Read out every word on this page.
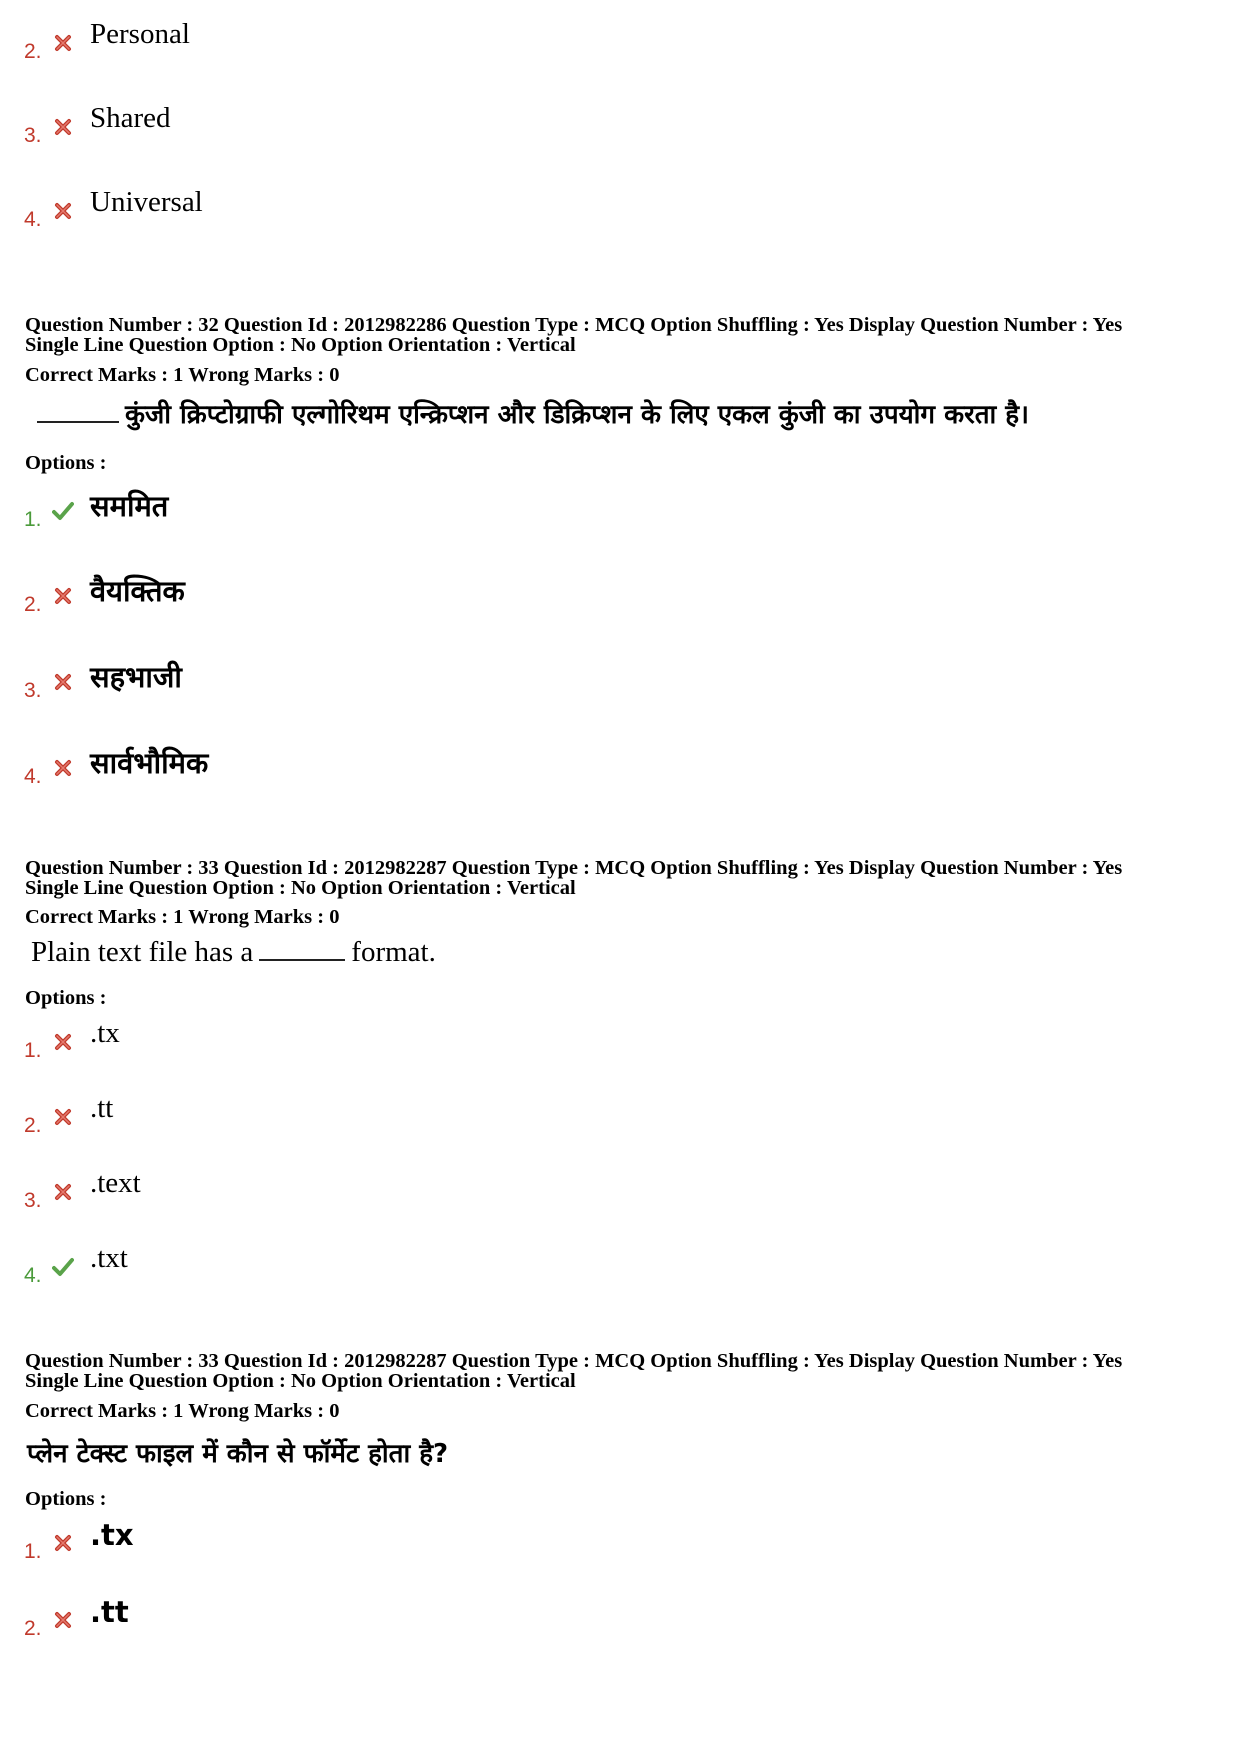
2.
Personal
3.
Shared
4.
Universal
Question Number : 32 Question Id : 2012982286 Question Type : MCQ Option Shuffling : Yes Display Question Number : Yes
Single Line Question Option : No Option Orientation : Vertical
Correct Marks : 1 Wrong Marks : 0
कुंजी क्रिप्टोग्राफी एल्गोरिथम एन्क्रिप्शन और डिक्रिप्शन के लिए एकल कुंजी का उपयोग करता है।
Options :
1. सममित
2. वैयक्तिक
3. सहभाजी
4. सार्वभौमिक
Question Number : 33 Question Id : 2012982287 Question Type : MCQ Option Shuffling : Yes Display Question Number : Yes
Single Line Question Option : No Option Orientation : Vertical
Correct Marks : 1 Wrong Marks : 0
Plain text file has a	format.
Options :
1.
.tx
2.
.tt
3.
.text
4.
.txt
Question Number : 33 Question Id : 2012982287 Question Type : MCQ Option Shuffling : Yes Display Question Number : Yes
Single Line Question Option : No Option Orientation : Vertical
Correct Marks : 1 Wrong Marks : 0
प्लेन टेक्स्ट फाइल में कौन से फॉर्मेट होता है?
Options :
1. .tx
2. .tt
